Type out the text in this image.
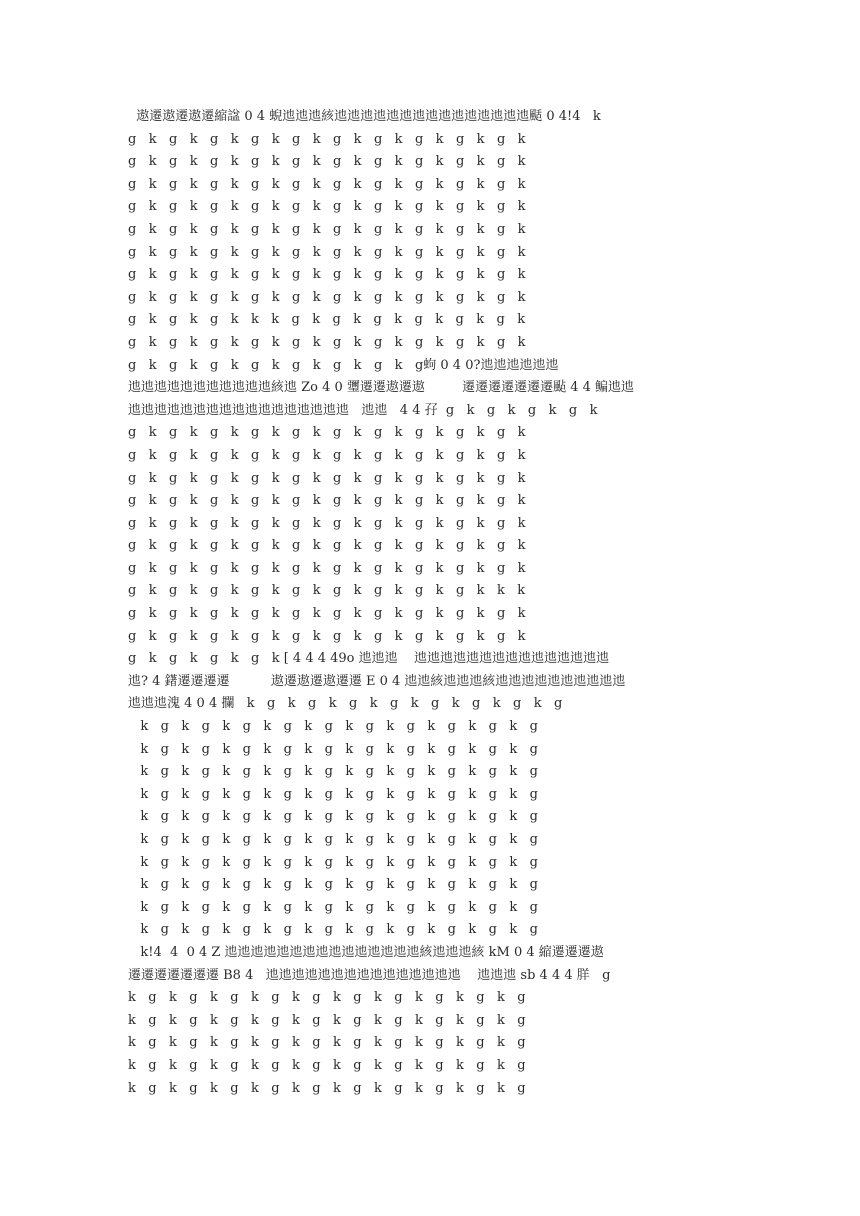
遨遷遨遷遨遷縮諡 0 4 蜺迆迆迆絯迆迆迆迆迆迆迆迆迆迆迆迆迆迆迆颳 0 4!4   k
g   k   g   k   g   k   g   k   g   k   g   k   g   k   g   k   g   k   g   k
g   k   g   k   g   k   g   k   g   k   g   k   g   k   g   k   g   k   g   k
g   k   g   k   g   k   g   k   g   k   g   k   g   k   g   k   g   k   g   k
g   k   g   k   g   k   g   k   g   k   g   k   g   k   g   k   g   k   g   k
g   k   g   k   g   k   g   k   g   k   g   k   g   k   g   k   g   k   g   k
g   k   g   k   g   k   g   k   g   k   g   k   g   k   g   k   g   k   g   k
g   k   g   k   g   k   g   k   g   k   g   k   g   k   g   k   g   k   g   k
g   k   g   k   g   k   g   k   g   k   g   k   g   k   g   k   g   k   g   k
g   k   g   k   g   k   k   k   g   k   g   k   g   k   g   k   g   k   g   k
g   k   g   k   g   k   g   k   g   k   g   k   g   k   g   k   g   k   g   k
g   k   g   k   g   k   g   k   g   k   g   k   g   k   g蚼 0 4 0?迆迆迆迆迆迆
迆迆迆迆迆迆迆迆迆迆迆絯迆 Zo 4 0 瓕遷遷遨遷遨         遷遷遷遷遷遷遷颭 4 4 鳊迆迆
迆迆迆迆迆迆迆迆迆迆迆迆迆迆迆迆迆   迆迆   4 4 孖  g   k   g   k   g   k   g   k
g   k   g   k   g   k   g   k   g   k   g   k   g   k   g   k   g   k   g   k
g   k   g   k   g   k   g   k   g   k   g   k   g   k   g   k   g   k   g   k
g   k   g   k   g   k   g   k   g   k   g   k   g   k   g   k   g   k   g   k
g   k   g   k   g   k   g   k   g   k   g   k   g   k   g   k   g   k   g   k
g   k   g   k   g   k   g   k   g   k   g   k   g   k   g   k   g   k   g   k
g   k   g   k   g   k   g   k   g   k   g   k   g   k   g   k   g   k   g   k
g   k   g   k   g   k   g   k   g   k   g   k   g   k   g   k   g   k   g   k
g   k   g   k   g   k   g   k   g   k   g   k   g   k   g   k   g   k   k   k
g   k   g   k   g   k   g   k   g   k   g   k   g   k   g   k   g   k   g   k
g   k   g   k   g   k   g   k   g   k   g   k   g   k   g   k   g   k   g   k
g   k   g   k   g   k   g   k [ 4 4 4 49o 迆迆迆    迆迆迆迆迆迆迆迆迆迆迆迆迆迆迆
迆? 4 鐯遷遷遷遷          遨遷遨遷遨遷遷 E 0 4 迆迆絯迆迆迆絯迆迆迆迆迆迆迆迆迆迆
迆迆迆溾 4 0 4 攔   k   g   k   g   k   g   k   g   k   g   k   g   k   g   k   g
k   g   k   g   k   g   k   g   k   g   k   g   k   g   k   g   k   g   k   g
k   g   k   g   k   g   k   g   k   g   k   g   k   g   k   g   k   g   k   g
k   g   k   g   k   g   k   g   k   g   k   g   k   g   k   g   k   g   k   g
k   g   k   g   k   g   k   g   k   g   k   g   k   g   k   g   k   g   k   g
k   g   k   g   k   g   k   g   k   g   k   g   k   g   k   g   k   g   k   g
k   g   k   g   k   g   k   g   k   g   k   g   k   g   k   g   k   g   k   g
k   g   k   g   k   g   k   g   k   g   k   g   k   g   k   g   k   g   k   g
k   g   k   g   k   g   k   g   k   g   k   g   k   g   k   g   k   g   k   g
k   g   k   g   k   g   k   g   k   g   k   g   k   g   k   g   k   g   k   g
k   g   k   g   k   g   k   g   k   g   k   g   k   g   k   g   k   g   k   g
k!4  4  0 4 Z 迆迆迆迆迆迆迆迆迆迆迆迆迆迆迆絯迆迆迆絯 kM 0 4 縮遷遷遷遨
遷遷遷遷遷遷遷 B8 4   迆迆迆迆迆迆迆迆迆迆迆迆迆迆迆    迆迆迆 sb 4 4 4 羘   g
k   g   k   g   k   g   k   g   k   g   k   g   k   g   k   g   k   g   k   g
k   g   k   g   k   g   k   g   k   g   k   g   k   g   k   g   k   g   k   g
k   g   k   g   k   g   k   g   k   g   k   g   k   g   k   g   k   g   k   g
k   g   k   g   k   g   k   g   k   g   k   g   k   g   k   g   k   g   k   g
k   g   k   g   k   g   k   g   k   g   k   g   k   g   k   g   k   g   k   g
